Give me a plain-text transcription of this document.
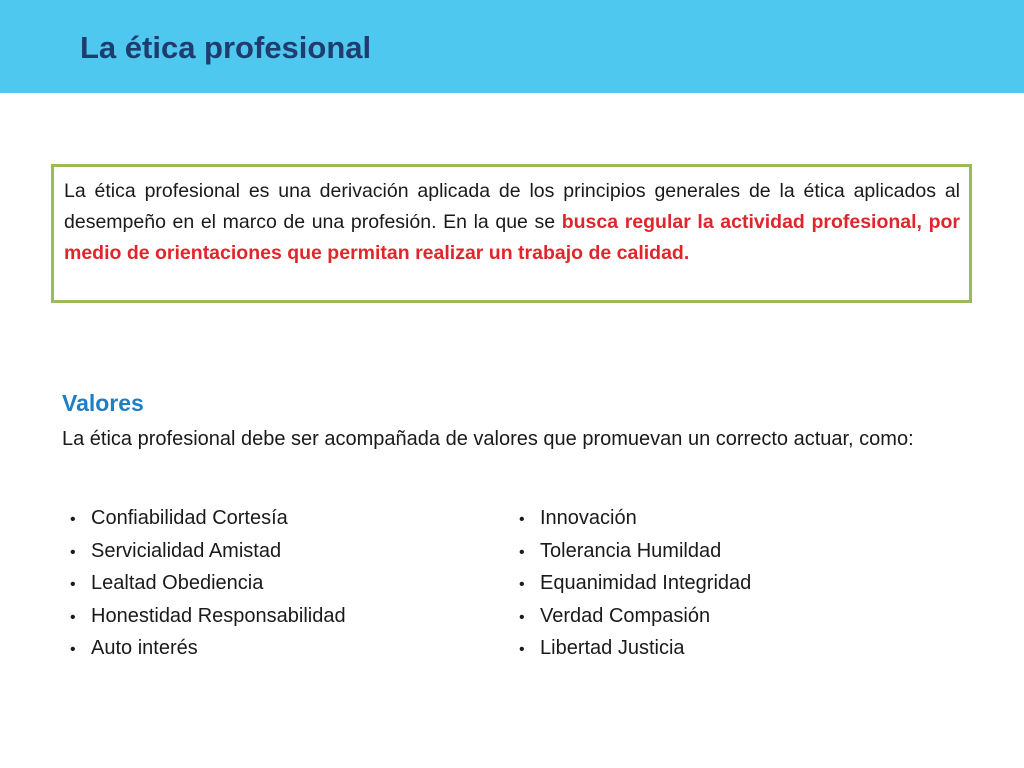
La ética profesional

La ética profesional es una derivación aplicada de los principios generales de la ética aplicados al desempeño en el marco de una profesión. En la que se busca regular la actividad profesional, por medio de orientaciones que permitan realizar un trabajo de calidad.

Valores

La ética profesional debe ser acompañada de valores que promuevan un correcto actuar, como:

• Confiabilidad Cortesía
• Servicialidad Amistad
• Lealtad Obediencia
• Honestidad Responsabilidad
• Auto interés
• Innovación
• Tolerancia Humildad
• Equanimidad Integridad
• Verdad Compasión
• Libertad Justicia
